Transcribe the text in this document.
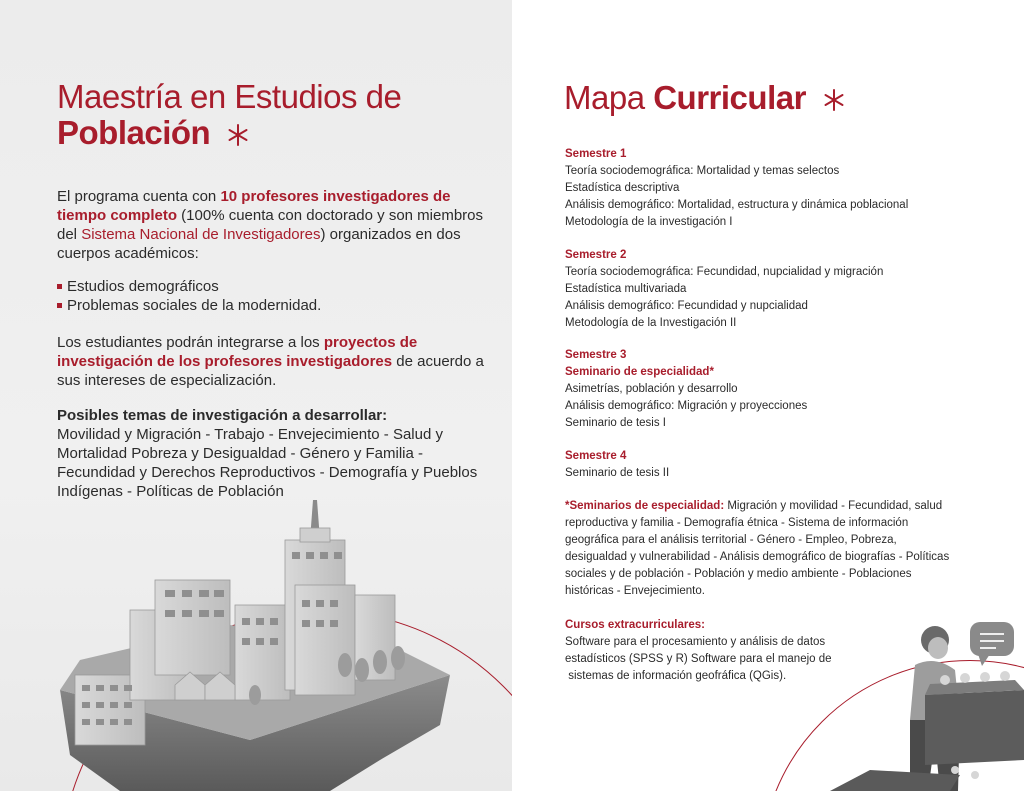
Maestría en Estudios de
Población

El programa cuenta con 10 profesores investigadores de tiempo completo (100% cuenta con doctorado y son miembros del Sistema Nacional de Investigadores) organizados en dos cuerpos académicos:

Estudios demográficos
Problemas sociales de la modernidad.

Los estudiantes podrán integrarse a los proyectos de investigación de los profesores investigadores de acuerdo a sus intereses de especialización.

Posibles temas de investigación a desarrollar:

Movilidad y Migración - Trabajo - Envejecimiento - Salud y Mortalidad Pobreza y Desigualdad - Género y Familia - Fecundidad y Derechos Reproductivos - Demografía y Pueblos Indígenas - Políticas de Población

Mapa Curricular
Semestre 1
Teoría sociodemográfica: Mortalidad y temas selectos
Estadística descriptiva
Análisis demográfico: Mortalidad, estructura y dinámica poblacional
Metodología de la investigación I
Semestre 2
Teoría sociodemográfica: Fecundidad, nupcialidad y migración
Estadística multivariada
Análisis demográfico: Fecundidad y nupcialidad
Metodología de la Investigación II
Semestre 3
Seminario de especialidad*
Asimetrías, población y desarrollo
Análisis demográfico: Migración y proyecciones
Seminario de tesis I
Semestre 4
Seminario de tesis II
*Seminarios de especialidad: Migración y movilidad - Fecundidad, salud reproductiva y familia - Demografía étnica - Sistema de información geográfica para el análisis territorial - Género - Empleo, Pobreza, desigualdad y vulnerabilidad - Análisis demográfico de biografías - Políticas sociales y de población - Población y medio ambiente - Poblaciones históricas - Envejecimiento.
Cursos extracurriculares:
Software para el procesamiento y análisis de datos
estadísticos (SPSS y R) Software para el manejo de
sistemas de información geofráfica (QGis).
